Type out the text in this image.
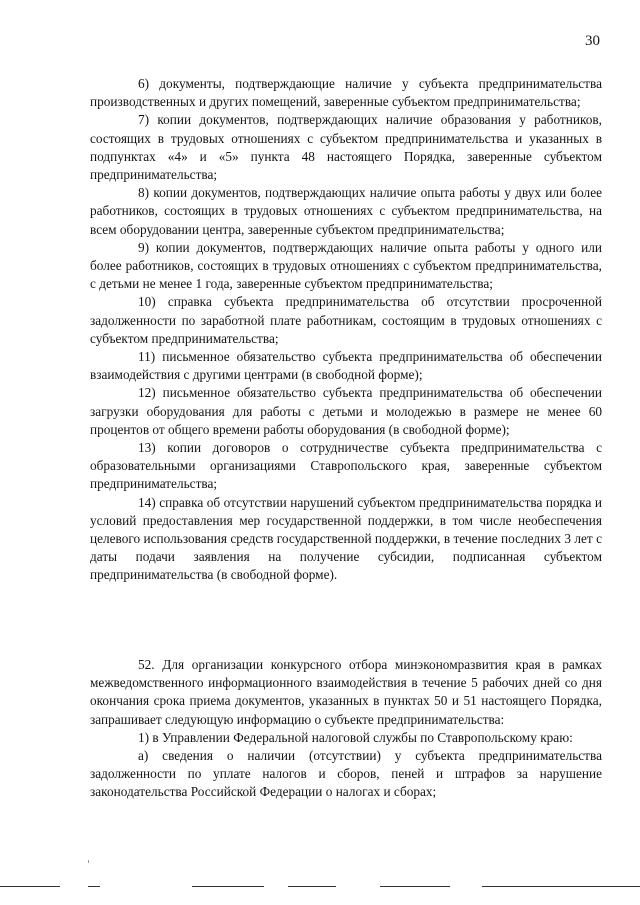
30

6) документы, подтверждающие наличие у субъекта предпринимательства производственных и других помещений, заверенные субъектом предпринимательства;

7) копии документов, подтверждающих наличие образования у работников, состоящих в трудовых отношениях с субъектом предпринимательства и указанных в подпунктах «4» и «5» пункта 48 настоящего Порядка, заверенные субъектом предпринимательства;

8) копии документов, подтверждающих наличие опыта работы у двух или более работников, состоящих в трудовых отношениях с субъектом предпринимательства, на всем оборудовании центра, заверенные субъектом предпринимательства;

9) копии документов, подтверждающих наличие опыта работы у одного или более работников, состоящих в трудовых отношениях с субъектом предпринимательства, с детьми не менее 1 года, заверенные субъектом предпринимательства;

10) справка субъекта предпринимательства об отсутствии просроченной задолженности по заработной плате работникам, состоящим в трудовых отношениях с субъектом предпринимательства;

11) письменное обязательство субъекта предпринимательства об обеспечении взаимодействия с другими центрами (в свободной форме);

12) письменное обязательство субъекта предпринимательства об обеспечении загрузки оборудования для работы с детьми и молодежью в размере не менее 60 процентов от общего времени работы оборудования (в свободной форме);

13) копии договоров о сотрудничестве субъекта предпринимательства с образовательными организациями Ставропольского края, заверенные субъектом предпринимательства;

14) справка об отсутствии нарушений субъектом предпринимательства порядка и условий предоставления мер государственной поддержки, в том числе необеспечения целевого использования средств государственной поддержки, в течение последних 3 лет с даты подачи заявления на получение субсидии, подписанная субъектом предпринимательства (в свободной форме).

52. Для организации конкурсного отбора минэкономразвития края в рамках межведомственного информационного взаимодействия в течение 5 рабочих дней со дня окончания срока приема документов, указанных в пунктах 50 и 51 настоящего Порядка, запрашивает следующую информацию о субъекте предпринимательства:

1) в Управлении Федеральной налоговой службы по Ставропольскому краю:

а) сведения о наличии (отсутствии) у субъекта предпринимательства задолженности по уплате налогов и сборов, пеней и штрафов за нарушение законодательства Российской Федерации о налогах и сборах;
